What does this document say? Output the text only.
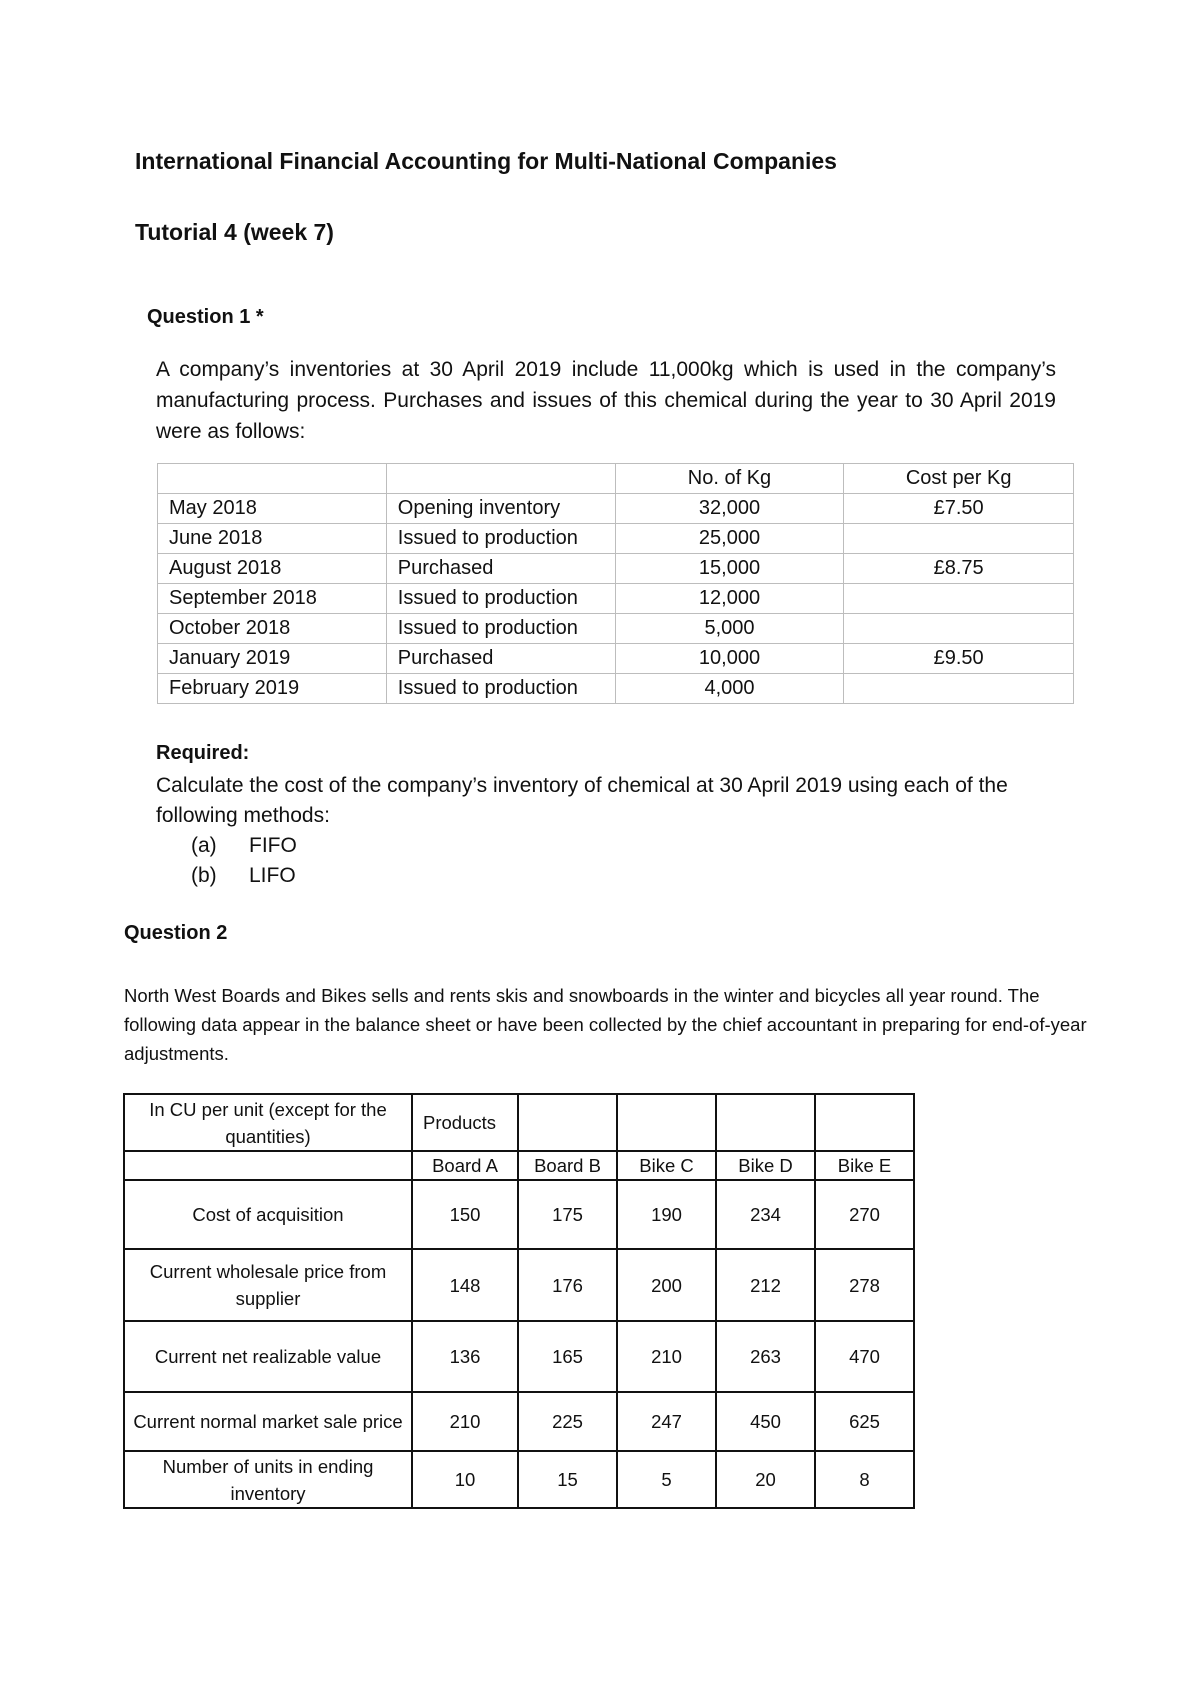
International Financial Accounting for Multi-National Companies
Tutorial 4 (week 7)
Question 1 *
A company’s inventories at 30 April 2019 include 11,000kg which is used in the company’s manufacturing process. Purchases and issues of this chemical during the year to 30 April 2019 were as follows:
		No. of Kg	Cost per Kg
May 2018	Opening inventory	32,000	£7.50
June 2018	Issued to production	25,000	
August 2018	Purchased	15,000	£8.75
September 2018	Issued to production	12,000	
October 2018	Issued to production	5,000	
January 2019	Purchased	10,000	£9.50
February 2019	Issued to production	4,000	
Required:
Calculate the cost of the company’s inventory of chemical at 30 April 2019 using each of the following methods:
(a) FIFO
(b) LIFO
Question 2
North West Boards and Bikes sells and rents skis and snowboards in the winter and bicycles all year round. The following data appear in the balance sheet or have been collected by the chief accountant in preparing for end-of-year adjustments.
In CU per unit (except for the quantities)	Products				
	Board A	Board B	Bike C	Bike D	Bike E
Cost of acquisition	150	175	190	234	270
Current wholesale price from supplier	148	176	200	212	278
Current net realizable value	136	165	210	263	470
Current normal market sale price	210	225	247	450	625
Number of units in ending inventory	10	15	5	20	8
